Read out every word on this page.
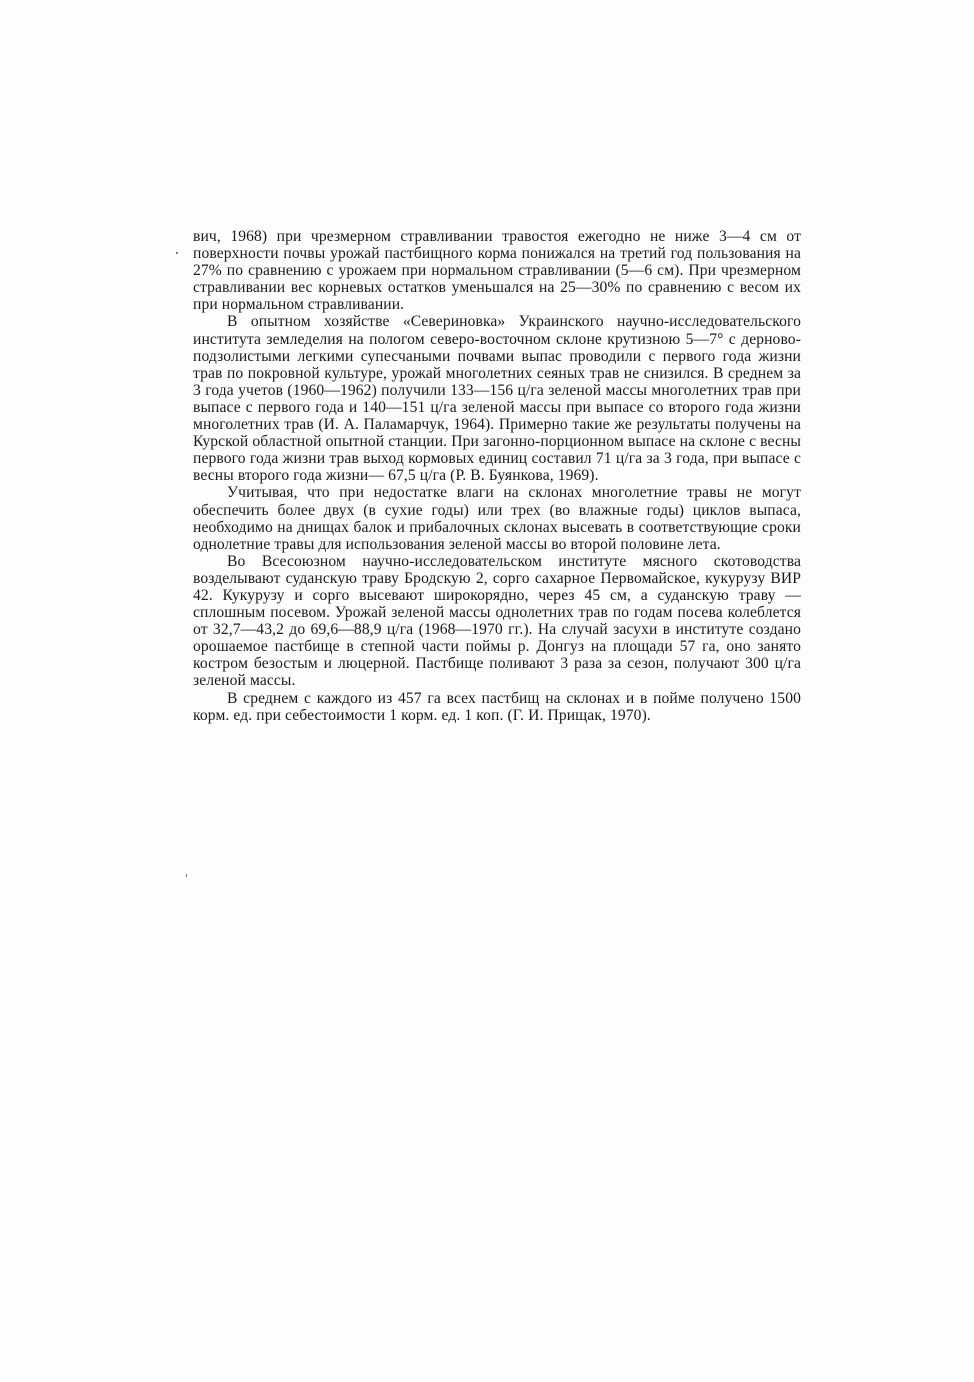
вич, 1968) при чрезмерном стравливании травостоя ежегодно не ниже 3—4 см от поверхности почвы урожай пастбищного корма понижался на третий год пользования на 27% по сравнению с урожаем при нормальном стравливании (5—6 см). При чрезмерном стравливании вес корневых остатков уменьшался на 25—30% по сравнению с весом их при нормальном стравливании.

В опытном хозяйстве «Северинoвка» Украинского научно-исследовательского института земледелия на пологом северо-восточном склоне крутизною 5—7° с дерново-подзолистыми легкими супесчаными почвами выпас проводили с первого года жизни трав по покровной культуре, урожай многолетних сеяных трав не снизился. В среднем за 3 года учетов (1960—1962) получили 133—156 ц/га зеленой массы многолетних трав при выпасе с первого года и 140—151 ц/га зеленой массы при выпасе со второго года жизни многолетних трав (И. А. Паламарчук, 1964). Примерно такие же результаты получены на Курской областной опытной станции. При загонно-порционном выпасе на склоне с весны первого года жизни трав выход кормовых единиц составил 71 ц/га за 3 года, при выпасе с весны второго года жизни— 67,5 ц/га (Р. В. Буянкова, 1969).

Учитывая, что при недостатке влаги на склонах многолетние травы не могут обеспечить более двух (в сухие годы) или трех (во влажные годы) циклов выпаса, необходимо на днищах балок и прибалочных склонах высевать в соответствующие сроки однолетние травы для использования зеленой массы во второй половине лета.

Во Всесоюзном научно-исследовательском институте мясного скотоводства возделывают суданскую траву Бродскую 2, сорго сахарное Первомайское, кукурузу ВИР 42. Кукурузу и сорго высевают широкорядно, через 45 см, а суданскую траву — сплошным посевом. Урожай зеленой массы однолетних трав по годам посева колеблется от 32,7—43,2 до 69,6—88,9 ц/га (1968—1970 гг.). На случай засухи в институте создано орошаемое пастбище в степной части поймы р. Донгуз на площади 57 га, оно занято кострoм безостым и люцерной. Пастбище поливают 3 раза за сезон, получают 300 ц/га зеленой массы.

В среднем с каждого из 457 га всех пастбищ на склонах и в пойме получено 1500 корм. ед. при себестоимости 1 корм. ед. 1 коп. (Г. И. Прищак, 1970).
